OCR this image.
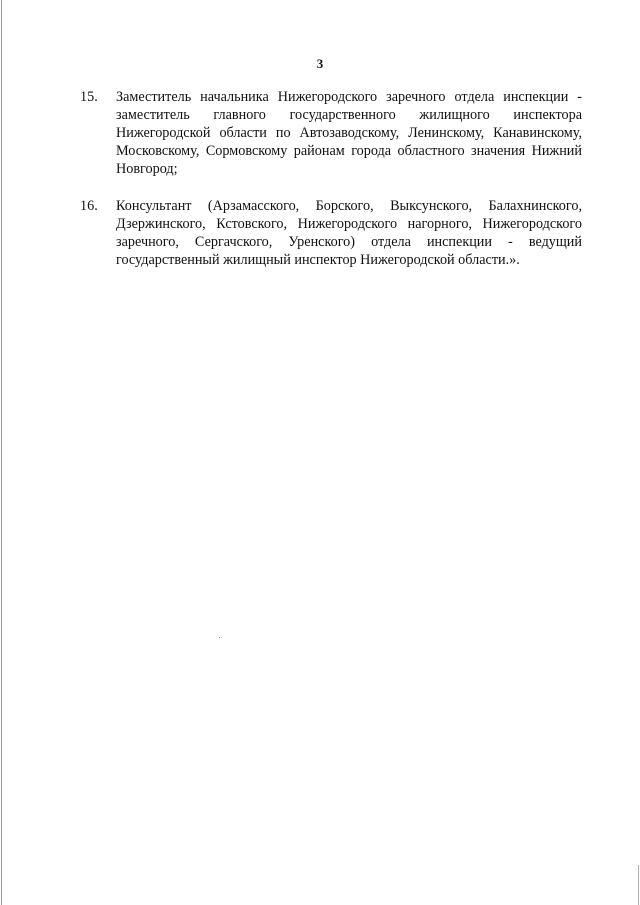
3
15.	Заместитель начальника Нижегородского заречного отдела инспекции - заместитель главного государственного жилищного инспектора Нижегородской области по Автозаводскому, Ленинскому, Канавинскому, Московскому, Сормовскому районам города областного значения Нижний Новгород;
16.	Консультант (Арзамасского, Борского, Выксунского, Балахнинского, Дзержинского, Кстовского, Нижегородского нагорного, Нижегородского заречного, Сергачского, Уренского) отдела инспекции - ведущий государственный жилищный инспектор Нижегородской области.».
